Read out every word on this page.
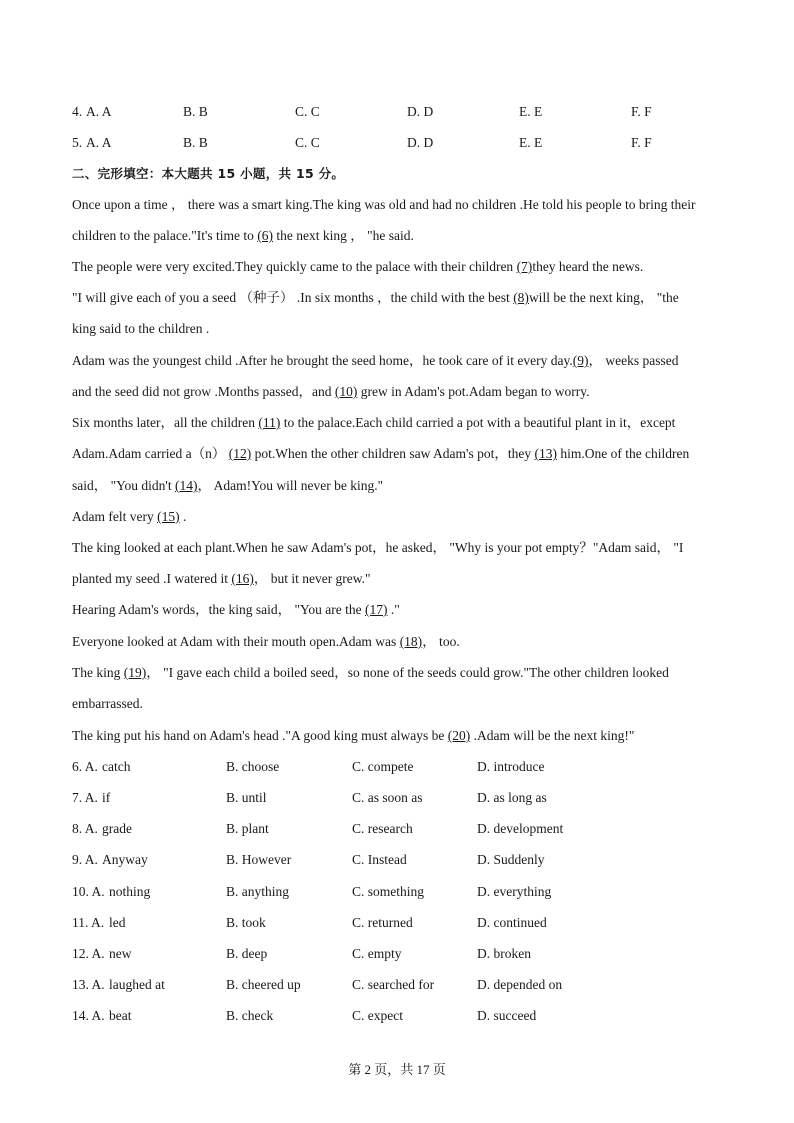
4. A. A	B. B	C. C	D. D	E. E	F. F
5. A. A	B. B	C. C	D. D	E. E	F. F
二、完形填空：本大题共 15 小题，共 15 分。
Once upon a time ， there was a smart king.The king was old and had no children .He told his people to bring their
children to the palace."It's time to (6) the next king ， "he said.
The people were very excited.They quickly came to the palace with their children (7)they heard the news.
"I will give each of you a seed （种子） .In six months ，the child with the best (8)will be the next king， "the
king said to the children .
Adam was the youngest child .After he brought the seed home，he took care of it every day.(9)， weeks passed
and the seed did not grow .Months passed，and (10) grew in Adam's pot.Adam began to worry.
Six months later，all the children (11) to the palace.Each child carried a pot with a beautiful plant in it，except
Adam.Adam carried a（n） (12) pot.When the other children saw Adam's pot，they (13) him.One of the children
said， "You didn't (14)， Adam!You will never be king."
Adam felt very (15) .
The king looked at each plant.When he saw Adam's pot，he asked， "Why is your pot empty？"Adam said， "I
planted my seed .I watered it (16)， but it never grew."
Hearing Adam's words，the king said， "You are the (17) ."
Everyone looked at Adam with their mouth open.Adam was (18)， too.
The king (19)， "I gave each child a boiled seed，so none of the seeds could grow."The other children looked
embarrassed.
The king put his hand on Adam's head ."A good king must always be (20) .Adam will be the next king!"
6. A. catch	B. choose	C. compete	D. introduce
7. A. if	B. until	C. as soon as	D. as long as
8. A. grade	B. plant	C. research	D. development
9. A. Anyway	B. However	C. Instead	D. Suddenly
10. A. nothing	B. anything	C. something	D. everything
11. A. led	B. took	C. returned	D. continued
12. A. new	B. deep	C. empty	D. broken
13. A. laughed at	B. cheered up	C. searched for	D. depended on
14. A. beat	B. check	C. expect	D. succeed
第 2 页，共 17 页
